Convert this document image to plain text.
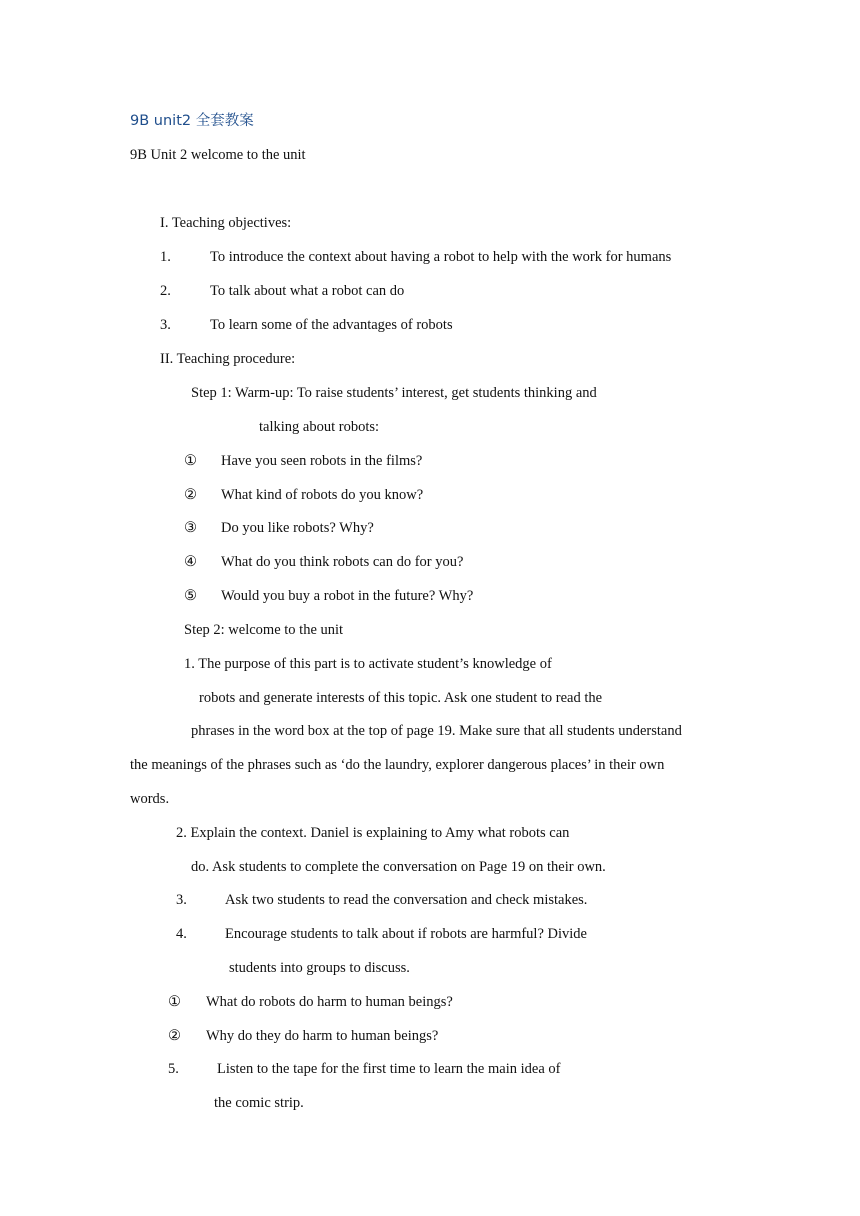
9B unit2 全套教案
9B Unit 2 welcome to the unit
I. Teaching objectives:
1.	To introduce the context about having a robot to help with the work for humans
2.	To talk about what a robot can do
3.	To learn some of the advantages of robots
II. Teaching procedure:
Step 1: Warm-up: To raise students’ interest, get students thinking and
talking about robots:
① Have you seen robots in the films?
② What kind of robots do you know?
③ Do you like robots? Why?
④ What do you think robots can do for you?
⑤ Would you buy a robot in the future? Why?
Step 2: welcome to the unit
1. The purpose of this part is to activate student’s knowledge of
robots and generate interests of this topic. Ask one student to read the
phrases in the word box at the top of page 19. Make sure that all students understand
the meanings of the phrases such as ‘do the laundry, explorer dangerous places’ in their own
words.
2. Explain the context. Daniel is explaining to Amy what robots can
do. Ask students to complete the conversation on Page 19 on their own.
3.	Ask two students to read the conversation and check mistakes.
4.	Encourage students to talk about if robots are harmful? Divide
students into groups to discuss.
① What do robots do harm to human beings?
② Why do they do harm to human beings?
5.	Listen to the tape for the first time to learn the main idea of
the comic strip.
